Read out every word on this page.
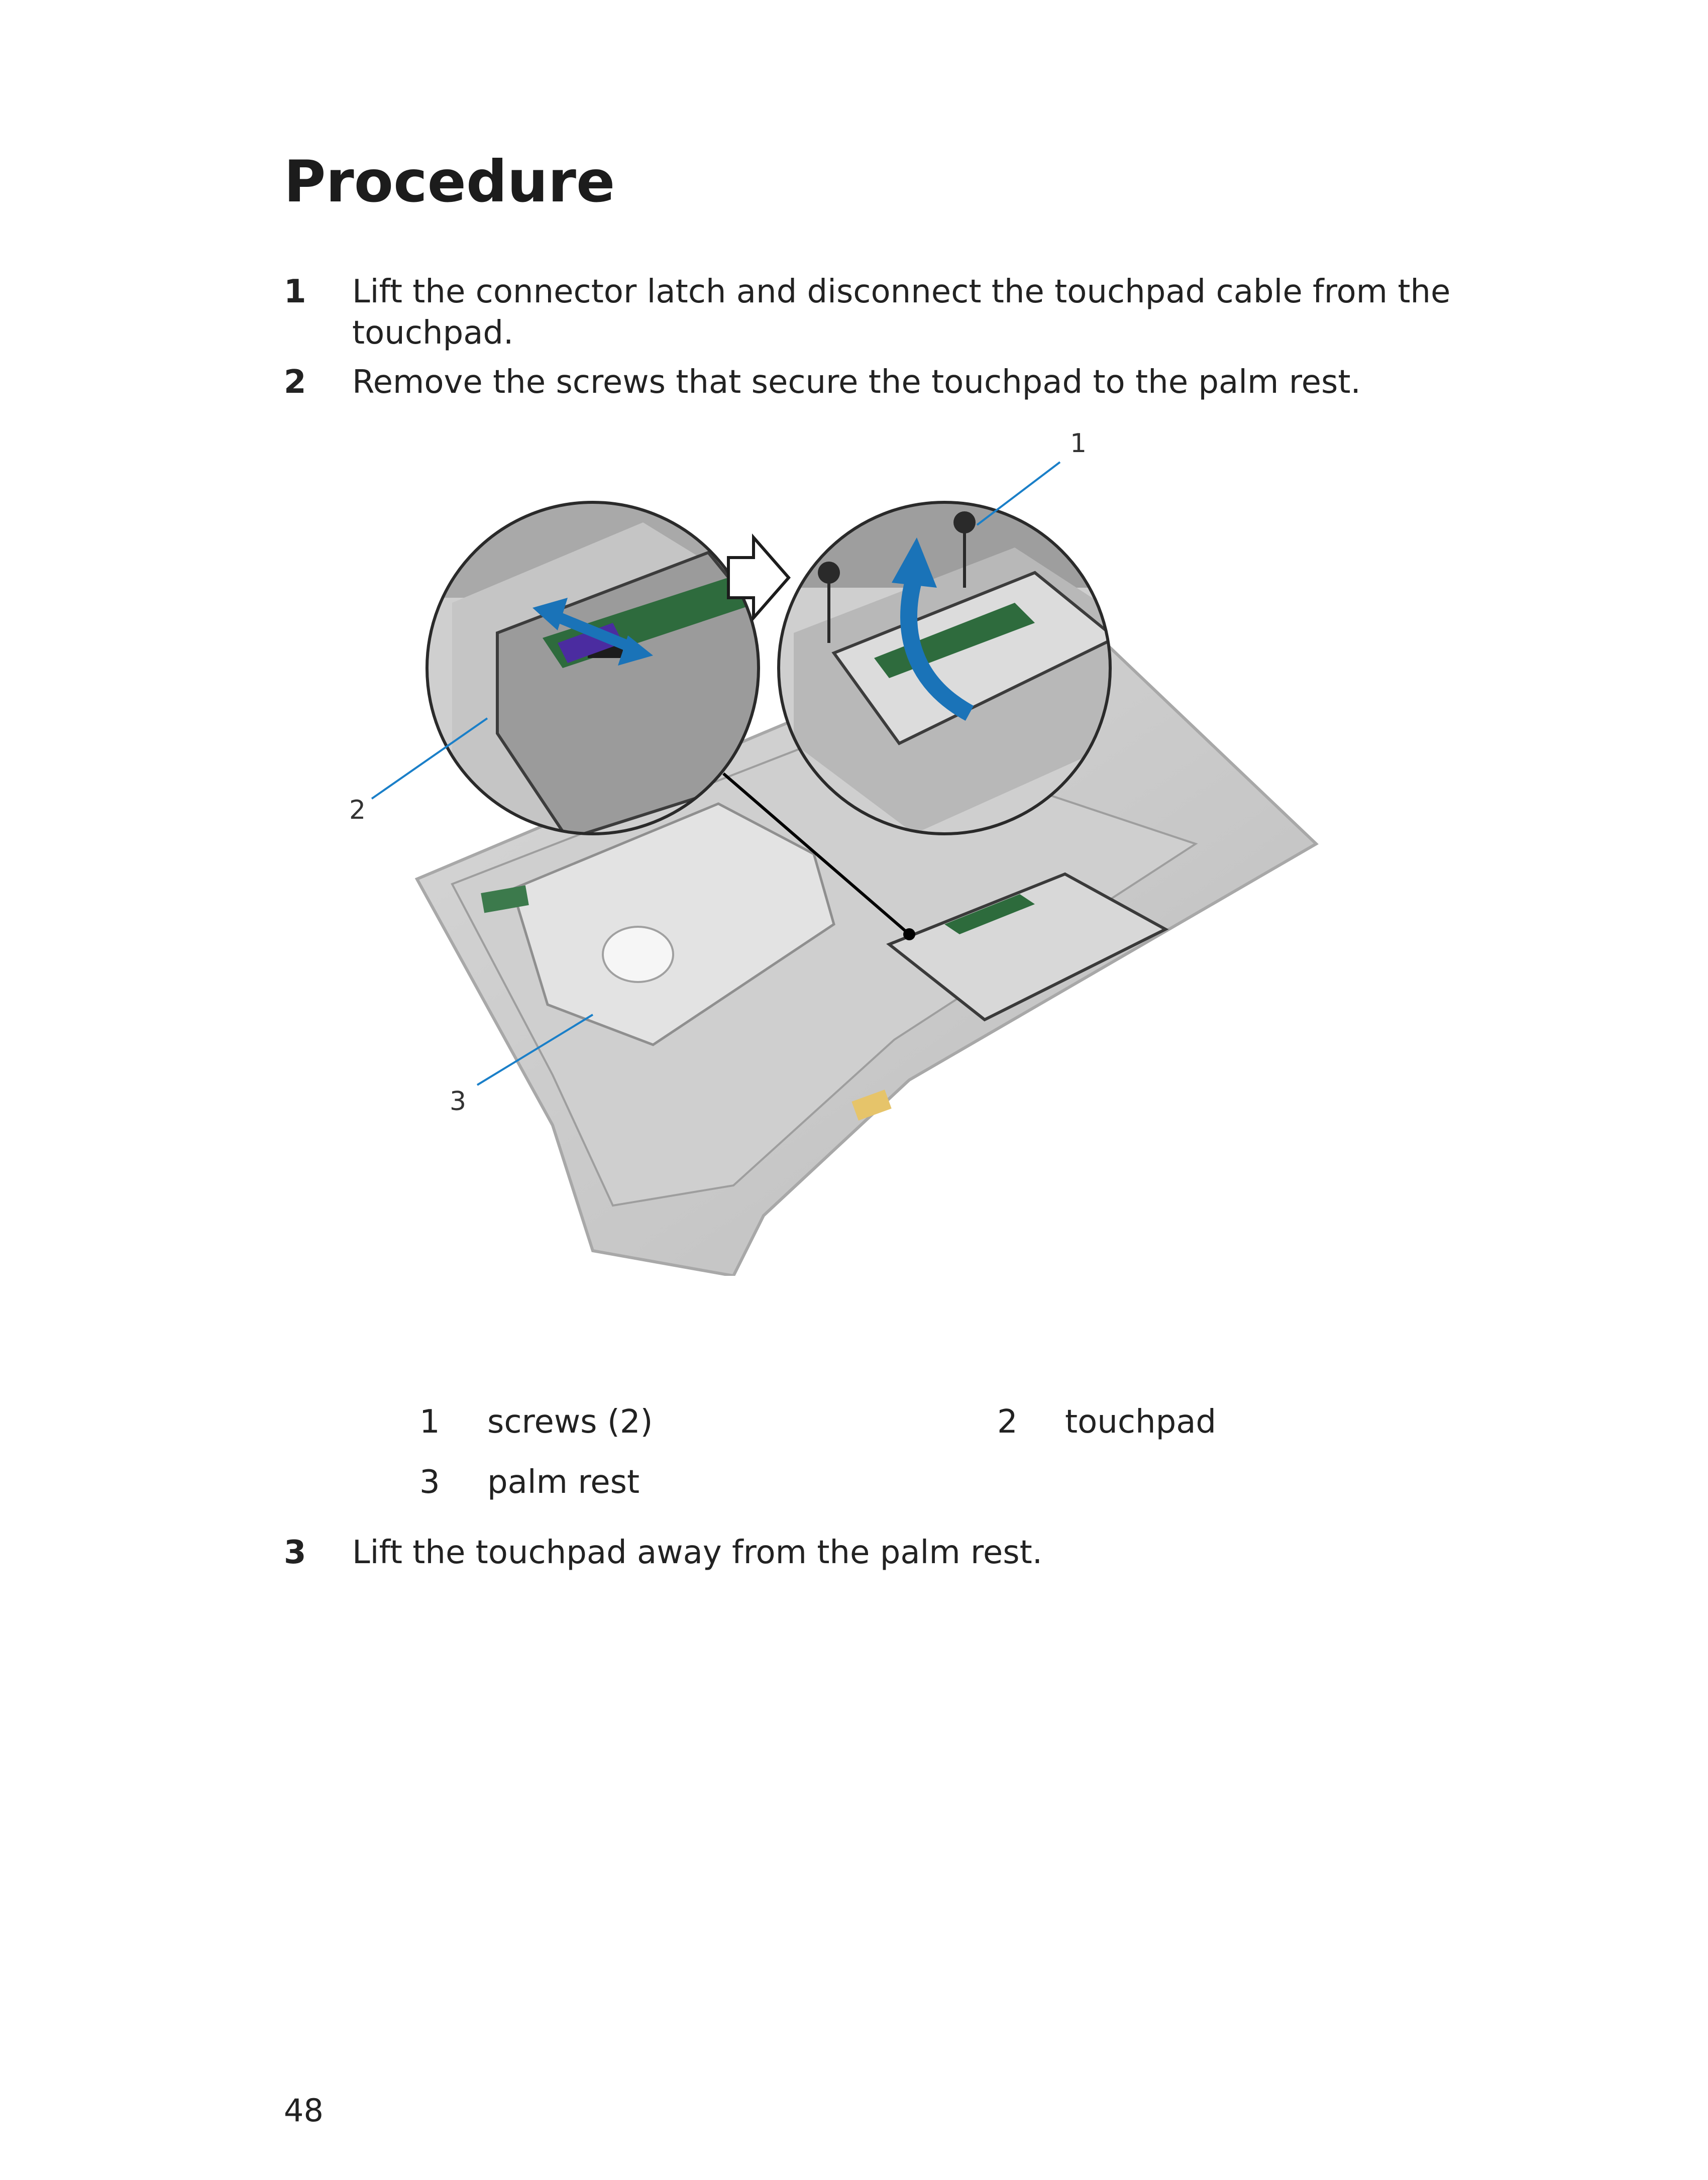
Procedure
1 Lift the connector latch and disconnect the touchpad cable from the touchpad.
2 Remove the screws that secure the touchpad to the palm rest.
1
2
3
1 screws (2)	2 touchpad
3 palm rest
3 Lift the touchpad away from the palm rest.
48
